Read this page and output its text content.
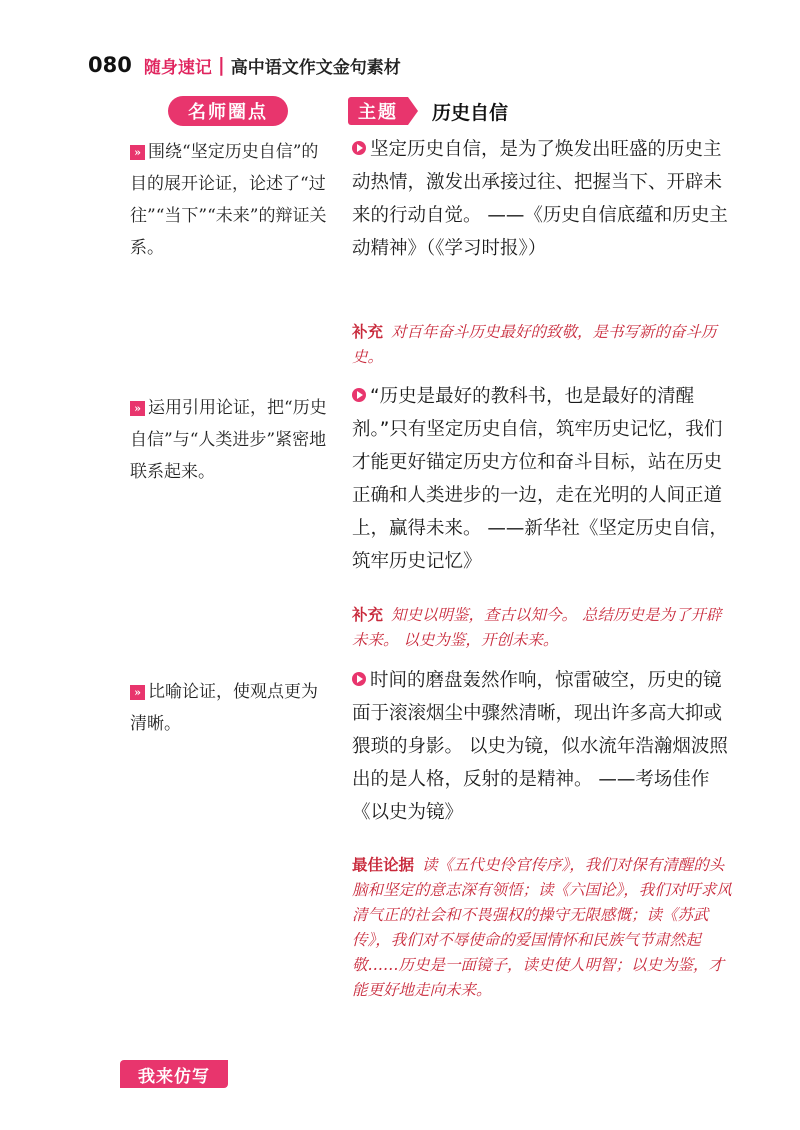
080 随身速记 | 高中语文作文金句素材
名师圈点	主题	历史自信
» 围绕“坚定历史自信”的目的展开论证，论述了“过往”“当下”“未来”的辩证关系。
» 运用引用论证，把“历史自信”与“人类进步”紧密地联系起来。
» 比喻论证，使观点更为清晰。
坚定历史自信，是为了焕发出旺盛的历史主动热情，激发出承接过往、把握当下、开辟未来的行动自觉。 ——《历史自信底蕴和历史主动精神》（《学习时报》）
补充 对百年奋斗历史最好的致敬，是书写新的奋斗历史。
“历史是最好的教科书，也是最好的清醒剂。”只有坚定历史自信，筑牢历史记忆，我们才能更好锚定历史方位和奋斗目标，站在历史正确和人类进步的一边，走在光明的人间正道上，赢得未来。 ——新华社《坚定历史自信，筑牢历史记忆》
补充 知史以明鉴，查古以知今。 总结历史是为了开辟未来。 以史为鉴，开创未来。
时间的磨盘轰然作响，惊雷破空，历史的镜面于滚滚烟尘中骤然清晰，现出许多高大抑或猥琐的身影。 以史为镜，似水流年浩瀚烟波照出的是人格，反射的是精神。 ——考场佳作《以史为镜》
最佳论据 读《五代史伶官传序》，我们对保有清醒的头脑和坚定的意志深有领悟；读《六国论》，我们对吁求风清气正的社会和不畏强权的操守无限感慨；读《苏武传》，我们对不辱使命的爱国情怀和民族气节肃然起敬……历史是一面镜子，读史使人明智；以史为鉴，才能更好地走向未来。
我来仿写
